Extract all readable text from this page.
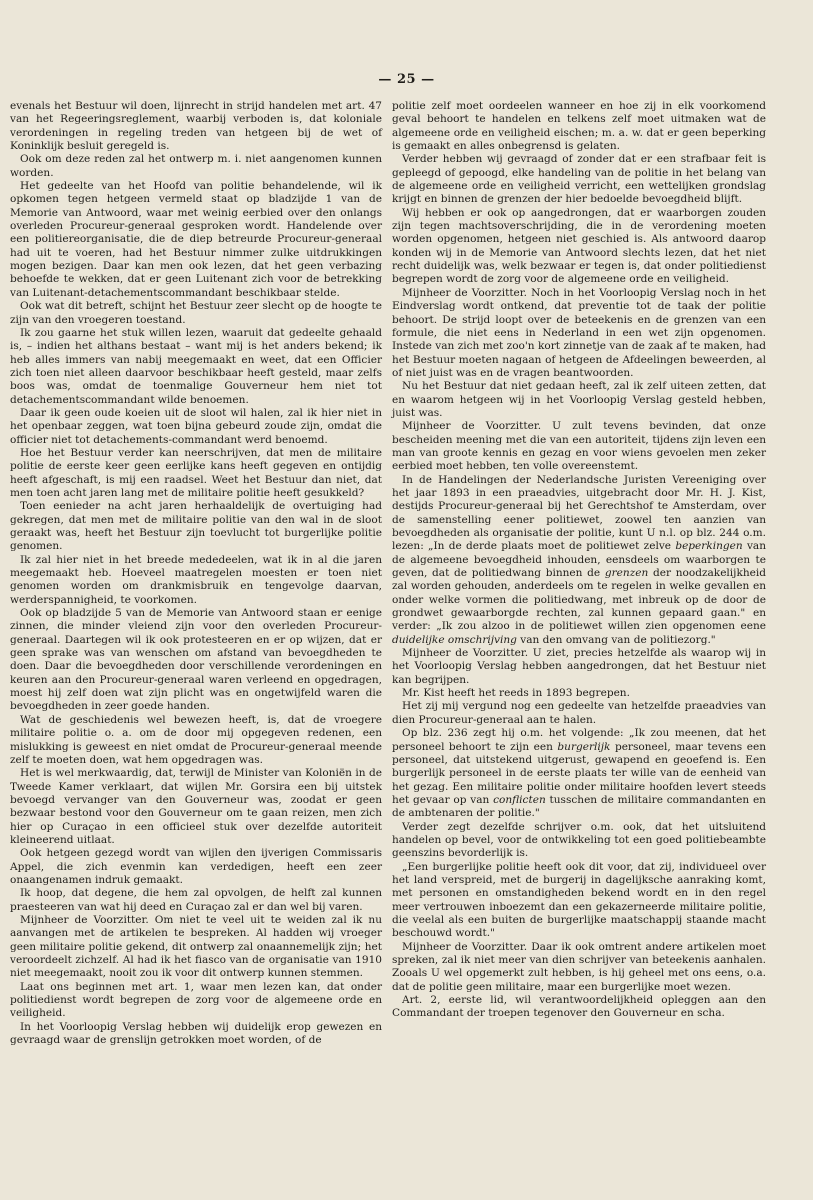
— 25 —

evenals het Bestuur wil doen, lijnrecht in strijd handelen met art. 47 van het Regeeringsreglement, waarbij verboden is, dat koloniale verordeningen in regeling treden van hetgeen bij de wet of Koninklijk besluit geregeld is.

Ook om deze reden zal het ontwerp m. i. niet aangenomen kunnen worden.

Het gedeelte van het Hoofd van politie behandelende, wil ik opkomen tegen hetgeen vermeld staat op bladzijde 1 van de Memorie van Antwoord, waar met weinig eerbied over den onlangs overleden Procureur-generaal gesproken wordt. Handelende over een politiereorganisatie, die de diep betreurde Procureur-generaal had uit te voeren, had het Bestuur nimmer zulke uitdrukkingen mogen bezigen. Daar kan men ook lezen, dat het geen verbazing behoefde te wekken, dat er geen Luitenant zich voor de betrekking van Luitenant-detachementscommandant beschikbaar stelde.

Ook wat dit betreft, schijnt het Bestuur zeer slecht op de hoogte te zijn van den vroegeren toestand.

Ik zou gaarne het stuk willen lezen, waaruit dat gedeelte gehaald is, – indien het althans bestaat – want mij is het anders bekend; ik heb alles immers van nabij meegemaakt en weet, dat een Officier zich toen niet alleen daarvoor beschikbaar heeft gesteld, maar zelfs boos was, omdat de toenmalige Gouverneur hem niet tot detachementscommandant wilde benoemen.

Daar ik geen oude koeien uit de sloot wil halen, zal ik hier niet in het openbaar zeggen, wat toen bijna gebeurd zoude zijn, omdat die officier niet tot detachements-commandant werd benoemd.

Hoe het Bestuur verder kan neerschrijven, dat men de militaire politie de eerste keer geen eerlijke kans heeft gegeven en ontijdig heeft afgeschaft, is mij een raadsel. Weet het Bestuur dan niet, dat men toen acht jaren lang met de militaire politie heeft gesukkeld?

Toen eenieder na acht jaren herhaaldelijk de overtuiging had gekregen, dat men met de militaire politie van den wal in de sloot geraakt was, heeft het Bestuur zijn toevlucht tot burgerlijke politie genomen.

Ik zal hier niet in het breede mededeelen, wat ik in al die jaren meegemaakt heb. Hoeveel maatregelen moesten er toen niet genomen worden om drankmisbruik en tengevolge daarvan, werderspannigheid, te voorkomen.

Ook op bladzijde 5 van de Memorie van Antwoord staan er eenige zinnen, die minder vleiend zijn voor den overleden Procureur-generaal. Daartegen wil ik ook protesteeren en er op wijzen, dat er geen sprake was van wenschen om afstand van bevoegdheden te doen. Daar die bevoegdheden door verschillende verordeningen en keuren aan den Procureur-generaal waren verleend en opgedragen, moest hij zelf doen wat zijn plicht was en ongetwijfeld waren die bevoegdheden in zeer goede handen.

Wat de geschiedenis wel bewezen heeft, is, dat de vroegere militaire politie o. a. om de door mij opgegeven redenen, een mislukking is geweest en niet omdat de Procureur-generaal meende zelf te moeten doen, wat hem opgedragen was.

Het is wel merkwaardig, dat, terwijl de Minister van Koloniën in de Tweede Kamer verklaart, dat wijlen Mr. Gorsira een bij uitstek bevoegd vervanger van den Gouverneur was, zoodat er geen bezwaar bestond voor den Gouverneur om te gaan reizen, men zich hier op Curaçao in een officieel stuk over dezelfde autoriteit kleineerend uitlaat.

Ook hetgeen gezegd wordt van wijlen den ijverigen Commissaris Appel, die zich evenmin kan verdedigen, heeft een zeer onaangenamen indruk gemaakt.

Ik hoop, dat degene, die hem zal opvolgen, de helft zal kunnen praesteeren van wat hij deed en Curaçao zal er dan wel bij varen.

Mijnheer de Voorzitter. Om niet te veel uit te weiden zal ik nu aanvangen met de artikelen te bespreken. Al hadden wij vroeger geen militaire politie gekend, dit ontwerp zal onaannemelijk zijn; het veroordeelt zichzelf. Al had ik het fiasco van de organisatie van 1910 niet meegemaakt, nooit zou ik voor dit ontwerp kunnen stemmen.

Laat ons beginnen met art. 1, waar men lezen kan, dat onder politiedienst wordt begrepen de zorg voor de algemeene orde en veiligheid.

In het Voorloopig Verslag hebben wij duidelijk erop gewezen en gevraagd waar de grenslijn getrokken moet worden, of de

politie zelf moet oordeelen wanneer en hoe zij in elk voorkomend geval behoort te handelen en telkens zelf moet uitmaken wat de algemeene orde en veiligheid eischen; m. a. w. dat er geen beperking is gemaakt en alles onbegrensd is gelaten.

Verder hebben wij gevraagd of zonder dat er een strafbaar feit is gepleegd of gepoogd, elke handeling van de politie in het belang van de algemeene orde en veiligheid verricht, een wettelijken grondslag krijgt en binnen de grenzen der hier bedoelde bevoegdheid blijft.

Wij hebben er ook op aangedrongen, dat er waarborgen zouden zijn tegen machtsoverschrijding, die in de verordening moeten worden opgenomen, hetgeen niet geschied is. Als antwoord daarop konden wij in de Memorie van Antwoord slechts lezen, dat het niet recht duidelijk was, welk bezwaar er tegen is, dat onder politiedienst begrepen wordt de zorg voor de algemeene orde en veiligheid.

Mijnheer de Voorzitter. Noch in het Voorloopig Verslag noch in het Eindverslag wordt ontkend, dat preventie tot de taak der politie behoort. De strijd loopt over de beteekenis en de grenzen van een formule, die niet eens in Nederland in een wet zijn opgenomen. Instede van zich met zoo'n kort zinnetje van de zaak af te maken, had het Bestuur moeten nagaan of hetgeen de Afdeelingen beweerden, al of niet juist was en de vragen beantwoorden.

Nu het Bestuur dat niet gedaan heeft, zal ik zelf uiteen zetten, dat en waarom hetgeen wij in het Voorloopig Verslag gesteld hebben, juist was.

Mijnheer de Voorzitter. U zult tevens bevinden, dat onze bescheiden meening met die van een autoriteit, tijdens zijn leven een man van groote kennis en gezag en voor wiens gevoelen men zeker eerbied moet hebben, ten volle overeenstemt.

In de Handelingen der Nederlandsche Juristen Vereeniging over het jaar 1893 in een praeadvies, uitgebracht door Mr. H. J. Kist, destijds Procureur-generaal bij het Gerechtshof te Amsterdam, over de samenstelling eener politiewet, zoowel ten aanzien van bevoegdheden als organisatie der politie, kunt U n.l. op blz. 244 o.m. lezen: „In de derde plaats moet de politiewet zelve beperkingen van de algemeene bevoegdheid inhouden, eensdeels om waarborgen te geven, dat de politiedwang binnen de grenzen der noodzakelijkheid zal worden gehouden, anderdeels om te regelen in welke gevallen en onder welke vormen die politiedwang, met inbreuk op de door de grondwet gewaarborgde rechten, zal kunnen gepaard gaan." en verder: „Ik zou alzoo in de politiewet willen zien opgenomen eene duidelijke omschrijving van den omvang van de politiezorg."

Mijnheer de Voorzitter. U ziet, precies hetzelfde als waarop wij in het Voorloopig Verslag hebben aangedrongen, dat het Bestuur niet kan begrijpen.

Mr. Kist heeft het reeds in 1893 begrepen.

Het zij mij vergund nog een gedeelte van hetzelfde praeadvies van dien Procureur-generaal aan te halen.

Op blz. 236 zegt hij o.m. het volgende: „Ik zou meenen, dat het personeel behoort te zijn een burgerlijk personeel, maar tevens een personeel, dat uitstekend uitgerust, gewapend en geoefend is. Een burgerlijk personeel in de eerste plaats ter wille van de eenheid van het gezag. Een militaire politie onder militaire hoofden levert steeds het gevaar op van conflicten tusschen de militaire commandanten en de ambtenaren der politie."

Verder zegt dezelfde schrijver o.m. ook, dat het uitsluitend handelen op bevel, voor de ontwikkeling tot een goed politiebeambte geenszins bevorderlijk is.

„Een burgerlijke politie heeft ook dit voor, dat zij, individueel over het land verspreid, met de burgerij in dagelijksche aanraking komt, met personen en omstandigheden bekend wordt en in den regel meer vertrouwen inboezemt dan een gekazerneerde militaire politie, die veelal als een buiten de burgerlijke maatschappij staande macht beschouwd wordt."

Mijnheer de Voorzitter. Daar ik ook omtrent andere artikelen moet spreken, zal ik niet meer van dien schrijver van beteekenis aanhalen. Zooals U wel opgemerkt zult hebben, is hij geheel met ons eens, o.a. dat de politie geen militaire, maar een burgerlijke moet wezen.

Art. 2, eerste lid, wil verantwoordelijkheid opleggen aan den Commandant der troepen tegenover den Gouverneur en scha.
